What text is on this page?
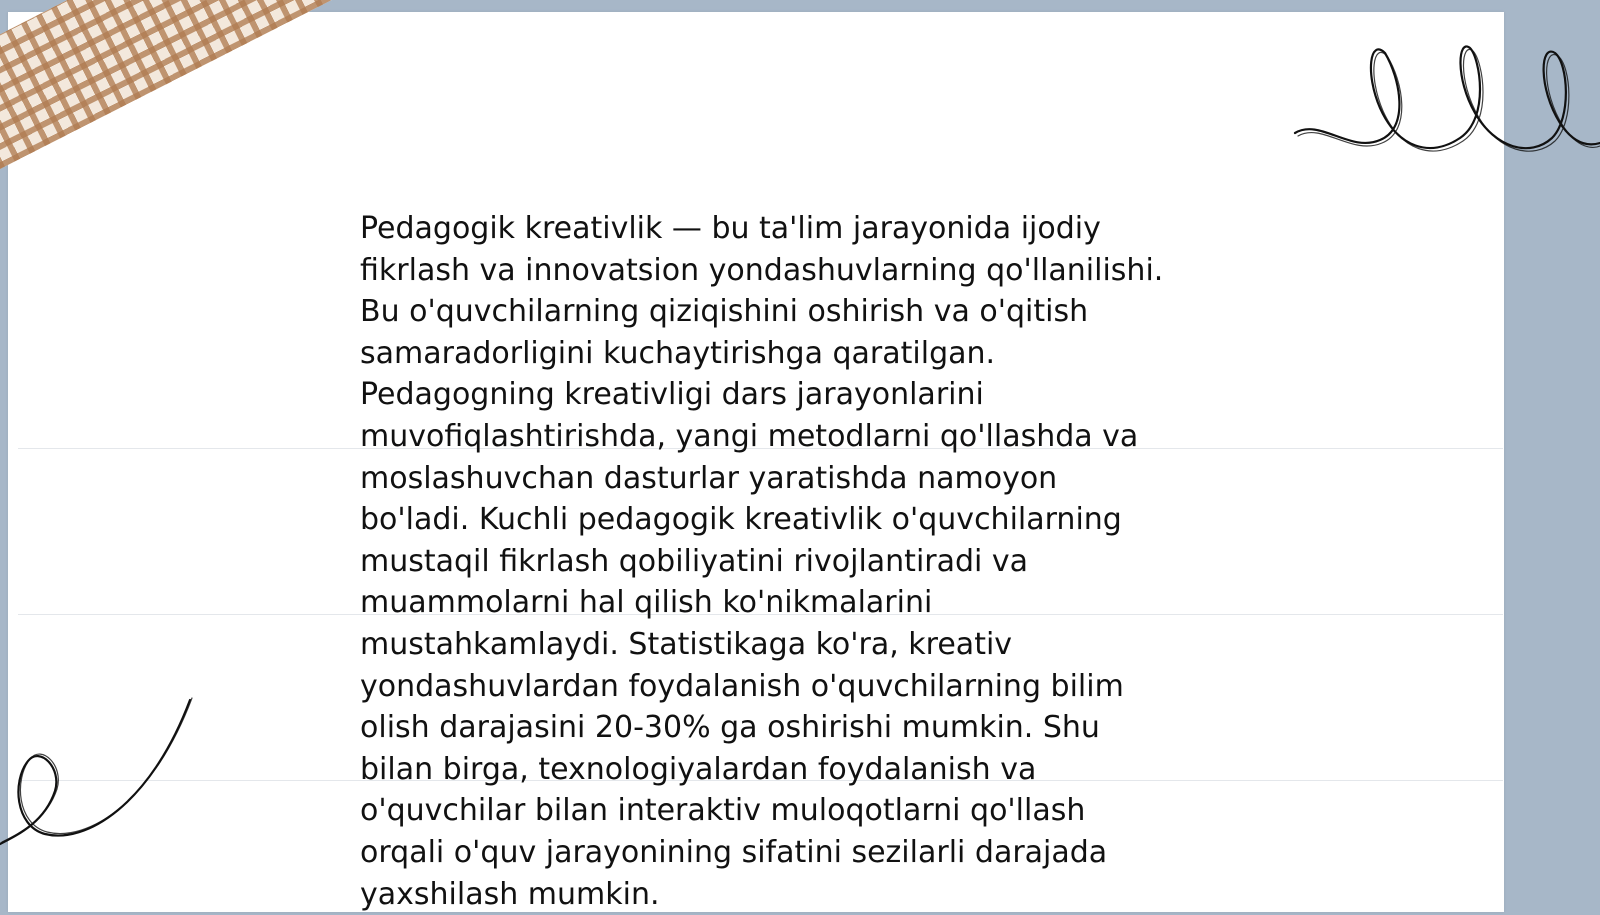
Pedagogik kreativlik — bu ta'lim jarayonida ijodiy
fikrlash va innovatsion yondashuvlarning qo'llanilishi.
Bu o'quvchilarning qiziqishini oshirish va o'qitish
samaradorligini kuchaytirishga qaratilgan.
Pedagogning kreativligi dars jarayonlarini
muvofiqlashtirishda, yangi metodlarni qo'llashda va
moslashuvchan dasturlar yaratishda namoyon
bo'ladi. Kuchli pedagogik kreativlik o'quvchilarning
mustaqil fikrlash qobiliyatini rivojlantiradi va
muammolarni hal qilish ko'nikmalarini
mustahkamlaydi. Statistikaga ko'ra, kreativ
yondashuvlardan foydalanish o'quvchilarning bilim
olish darajasini 20-30% ga oshirishi mumkin. Shu
bilan birga, texnologiyalardan foydalanish va
o'quvchilar bilan interaktiv muloqotlarni qo'llash
orqali o'quv jarayonining sifatini sezilarli darajada
yaxshilash mumkin.
